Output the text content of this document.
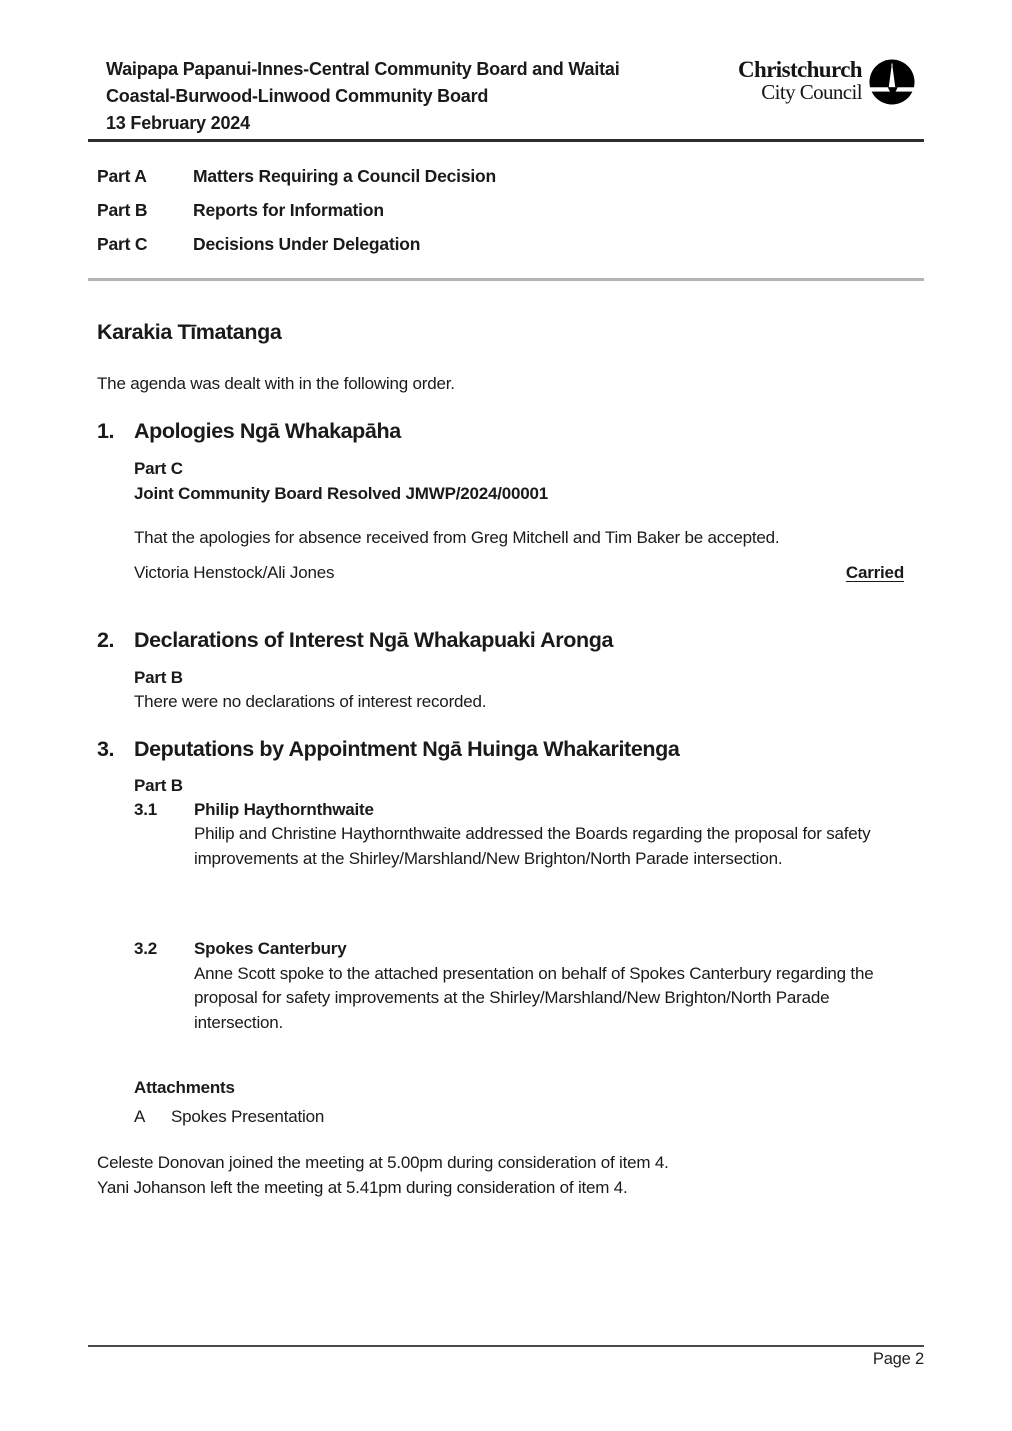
Waipapa Papanui-Innes-Central Community Board and Waitai
Coastal-Burwood-Linwood Community Board
13 February 2024
Christchurch
City Council
Part A	Matters Requiring a Council Decision
Part B	Reports for Information
Part C	Decisions Under Delegation
Karakia Tīmatanga

The agenda was dealt with in the following order.

1. Apologies Ngā Whakapāha
Part C
Joint Community Board Resolved JMWP/2024/00001

That the apologies for absence received from Greg Mitchell and Tim Baker be accepted.

Victoria Henstock/Ali Jones	Carried
2. Declarations of Interest Ngā Whakapuaki Aronga
Part B

There were no declarations of interest recorded.

3. Deputations by Appointment Ngā Huinga Whakaritenga
Part B
3.1	Philip Haythornthwaite
Philip and Christine Haythornthwaite addressed the Boards regarding the proposal for safety improvements at the Shirley/Marshland/New Brighton/North Parade intersection.
3.2	Spokes Canterbury
Anne Scott spoke to the attached presentation on behalf of Spokes Canterbury regarding the proposal for safety improvements at the Shirley/Marshland/New Brighton/North Parade intersection.
Attachments
A	Spokes Presentation
Celeste Donovan joined the meeting at 5.00pm during consideration of item 4.
Yani Johanson left the meeting at 5.41pm during consideration of item 4.
Page 2
